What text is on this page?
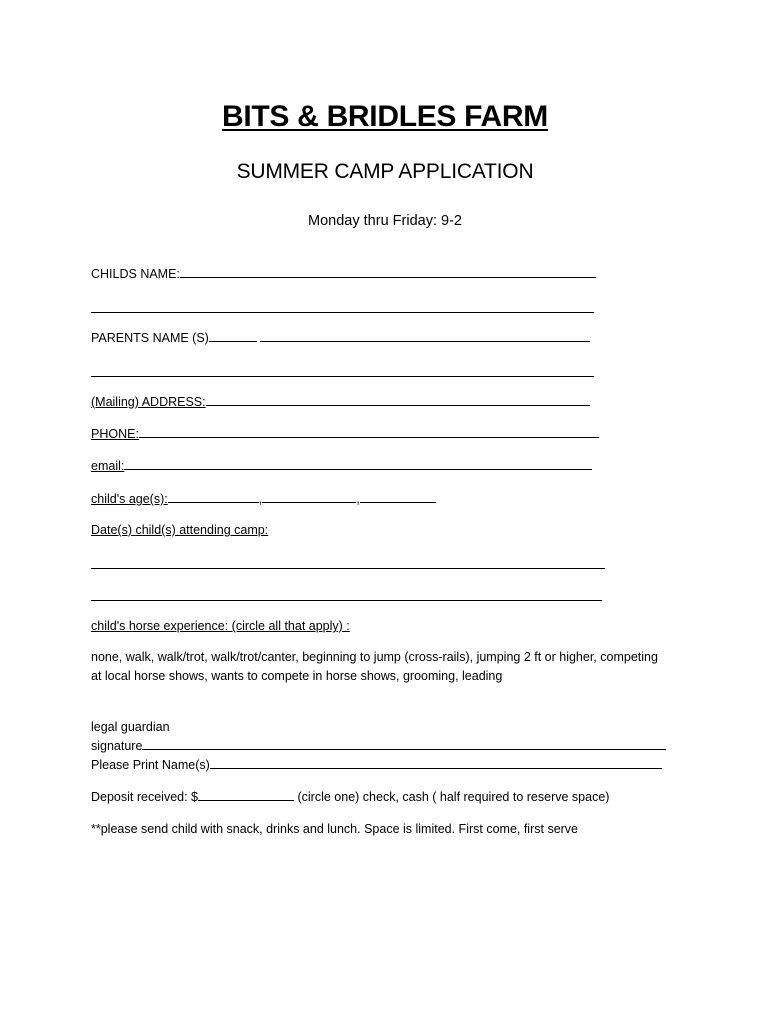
BITS & BRIDLES FARM
SUMMER CAMP APPLICATION
Monday thru Friday: 9-2
CHILDS NAME:
PARENTS NAME (S)
(Mailing) ADDRESS:
PHONE:
email:
child's age(s):	,	,
Date(s) child(s) attending camp:
child's horse experience: (circle all that apply) :
none, walk, walk/trot, walk/trot/canter, beginning to jump (cross-rails), jumping 2 ft or higher, competing at local horse shows, wants to compete in horse shows, grooming, leading
legal guardian
signature
Please Print Name(s)
Deposit received: $	(circle one) check, cash ( half required to reserve space)
**please send child with snack, drinks and lunch. Space is limited. First come, first serve
